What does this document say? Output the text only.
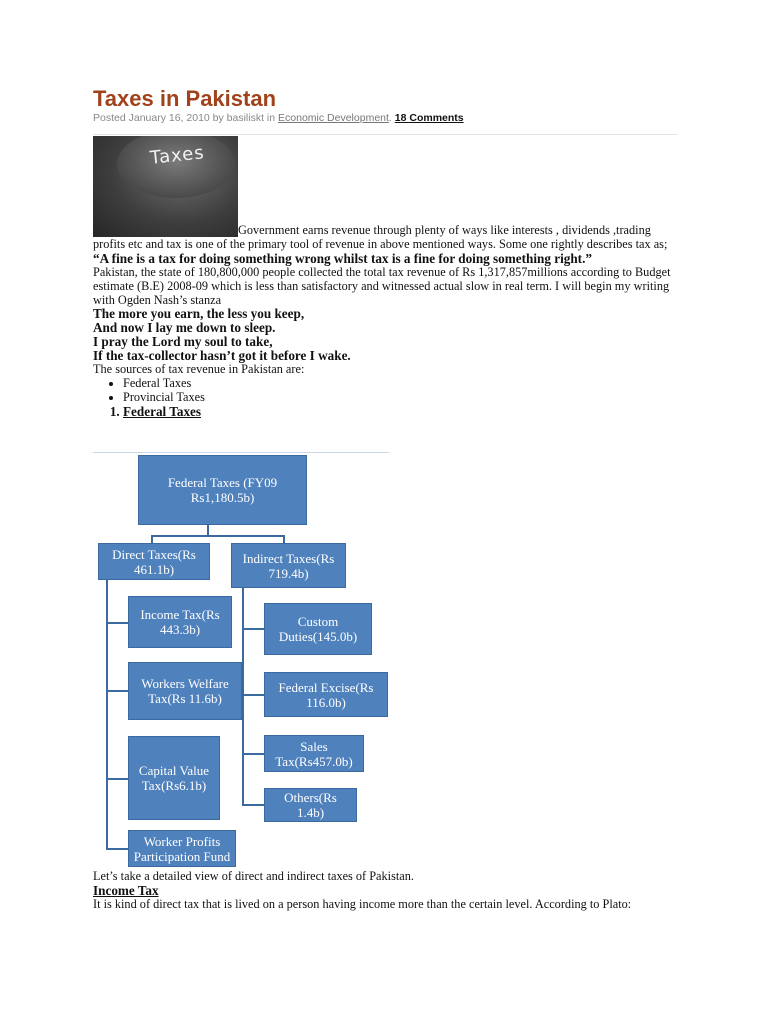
Taxes in Pakistan
Posted January 16, 2010 by basiliskt in Economic Development. 18 Comments
Taxes

Government earns revenue through plenty of ways like interests , dividends ,trading profits etc and tax is one of the primary tool of revenue in above mentioned ways. Some one rightly describes tax as;

“A fine is a tax for doing something wrong whilst tax is a fine for doing something right.”

Pakistan, the state of 180,800,000 people collected the total tax revenue of Rs 1,317,857millions according to Budget estimate (B.E) 2008-09 which is less than satisfactory and witnessed actual slow in real term. I will begin my writing with Ogden Nash’s stanza

The more you earn, the less you keep,

And now I lay me down to sleep.

I pray the Lord my soul to take,

If the tax-collector hasn’t got it before I wake.

The sources of tax revenue in Pakistan are:

• Federal Taxes
• Provincial Taxes
1. Federal Taxes
Federal Taxes (FY09 Rs1,180.5b)
Direct Taxes(Rs 461.1b)
Indirect Taxes(Rs 719.4b)
Income Tax(Rs 443.3b)
Workers Welfare Tax(Rs 11.6b)
Capital Value Tax(Rs6.1b)
Worker Profits Participation Fund
Custom Duties(145.0b)
Federal Excise(Rs 116.0b)
Sales Tax(Rs457.0b)
Others(Rs 1.4b)

Let’s take a detailed view of direct and indirect taxes of Pakistan.

Income Tax

It is kind of direct tax that is lived on a person having income more than the certain level. According to Plato:
